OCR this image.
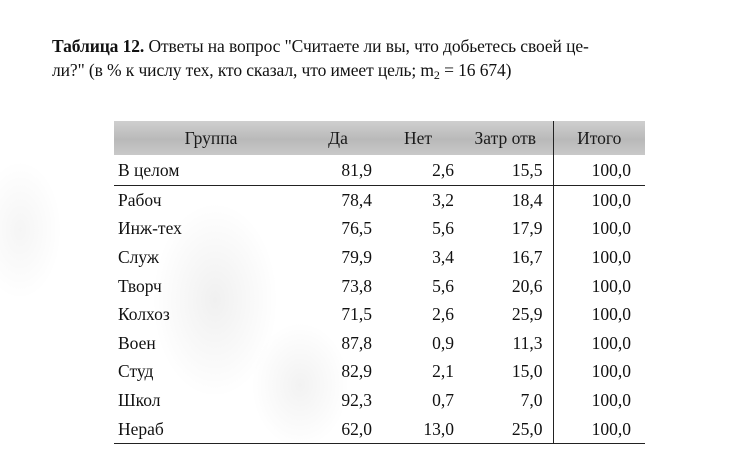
Таблица 12. Ответы на вопрос "Считаете ли вы, что добьетесь своей це-
ли?" (в % к числу тех, кто сказал, что имеет цель; $m_2 = 16$ 674)
Группа	Да	Нет	Затр отв	Итого
В целом	81,9	2,6	15,5	100,0
Рабоч	78,4	3,2	18,4	100,0
Инж-тех	76,5	5,6	17,9	100,0
Служ	79,9	3,4	16,7	100,0
Творч	73,8	5,6	20,6	100,0
Колхоз	71,5	2,6	25,9	100,0
Воен	87,8	0,9	11,3	100,0
Студ	82,9	2,1	15,0	100,0
Школ	92,3	0,7	7,0	100,0
Нераб	62,0	13,0	25,0	100,0
